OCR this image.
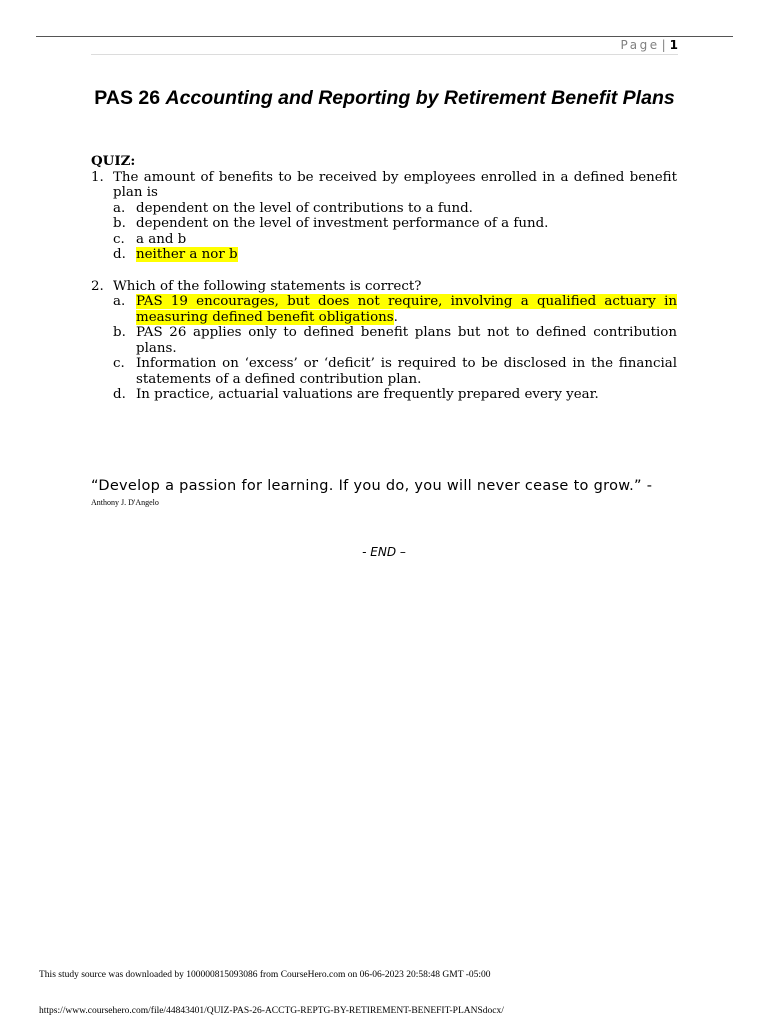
Page | 1
PAS 26 Accounting and Reporting by Retirement Benefit Plans
QUIZ:
1. The amount of benefits to be received by employees enrolled in a defined benefit plan is
a. dependent on the level of contributions to a fund.
b. dependent on the level of investment performance of a fund.
c. a and b
d. neither a nor b
2. Which of the following statements is correct?
a. PAS 19 encourages, but does not require, involving a qualified actuary in measuring defined benefit obligations.
b. PAS 26 applies only to defined benefit plans but not to defined contribution plans.
c. Information on ‘excess’ or ‘deficit’ is required to be disclosed in the financial statements of a defined contribution plan.
d. In practice, actuarial valuations are frequently prepared every year.
“Develop a passion for learning. If you do, you will never cease to grow.” -
Anthony J. D'Angelo
- END –
This study source was downloaded by 100000815093086 from CourseHero.com on 06-06-2023 20:58:48 GMT -05:00
https://www.coursehero.com/file/44843401/QUIZ-PAS-26-ACCTG-REPTG-BY-RETIREMENT-BENEFIT-PLANSdocx/
